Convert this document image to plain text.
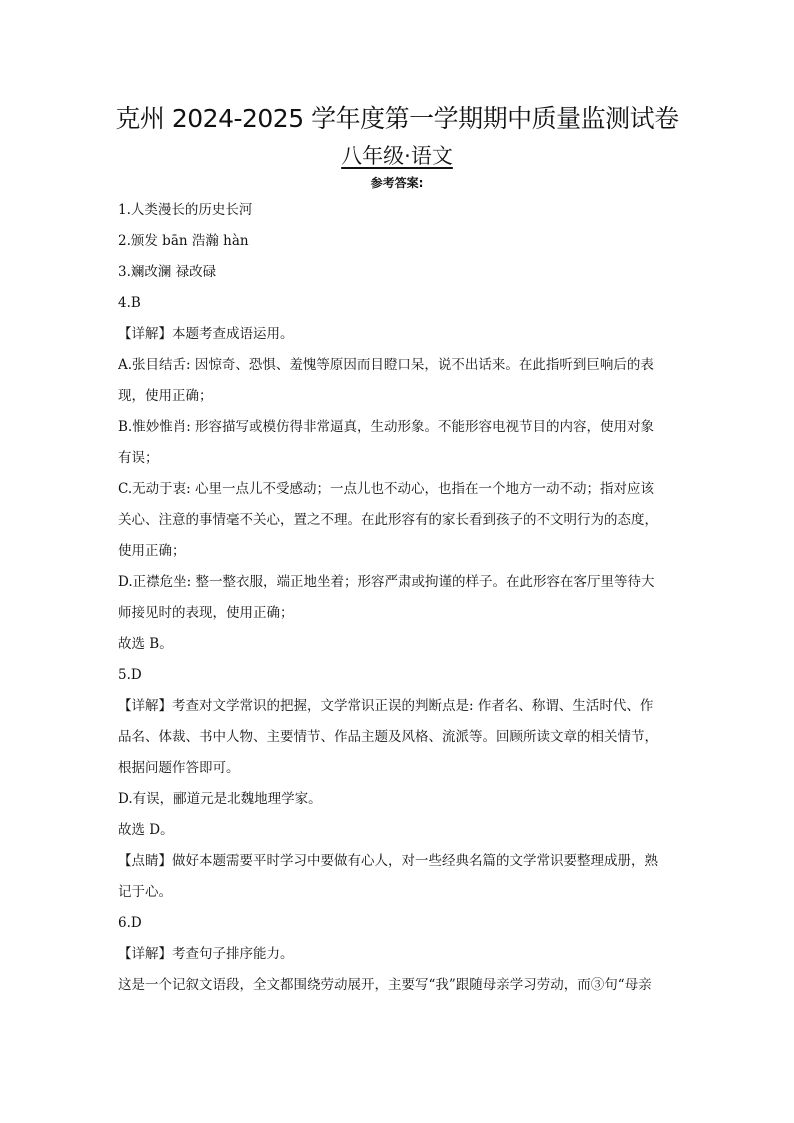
克州 2024-2025 学年度第一学期期中质量监测试卷
八年级·语文
参考答案:

1.人类漫长的历史长河

2.颁发 bān 浩瀚 hàn

3.斓改澜 禄改碌

4.B

【详解】本题考查成语运用。

A.张目结舌: 因惊奇、恐惧、羞愧等原因而目瞪口呆，说不出话来。在此指听到巨响后的表

现，使用正确；

B.惟妙惟肖: 形容描写或模仿得非常逼真，生动形象。不能形容电视节目的内容，使用对象

有误；

C.无动于衷: 心里一点儿不受感动；一点儿也不动心，也指在一个地方一动不动；指对应该

关心、注意的事情毫不关心，置之不理。在此形容有的家长看到孩子的不文明行为的态度，

使用正确；

D.正襟危坐: 整一整衣服，端正地坐着；形容严肃或拘谨的样子。在此形容在客厅里等待大

师接见时的表现，使用正确；

故选 B。

5.D

【详解】考查对文学常识的把握，文学常识正误的判断点是: 作者名、称谓、生活时代、作

品名、体裁、书中人物、主要情节、作品主题及风格、流派等。回顾所读文章的相关情节，

根据问题作答即可。

D.有误，郦道元是北魏地理学家。

故选 D。

【点睛】做好本题需要平时学习中要做有心人，对一些经典名篇的文学常识要整理成册，熟

记于心。

6.D

【详解】考查句子排序能力。

这是一个记叙文语段，全文都围绕劳动展开，主要写“我”跟随母亲学习劳动，而③句“母亲
